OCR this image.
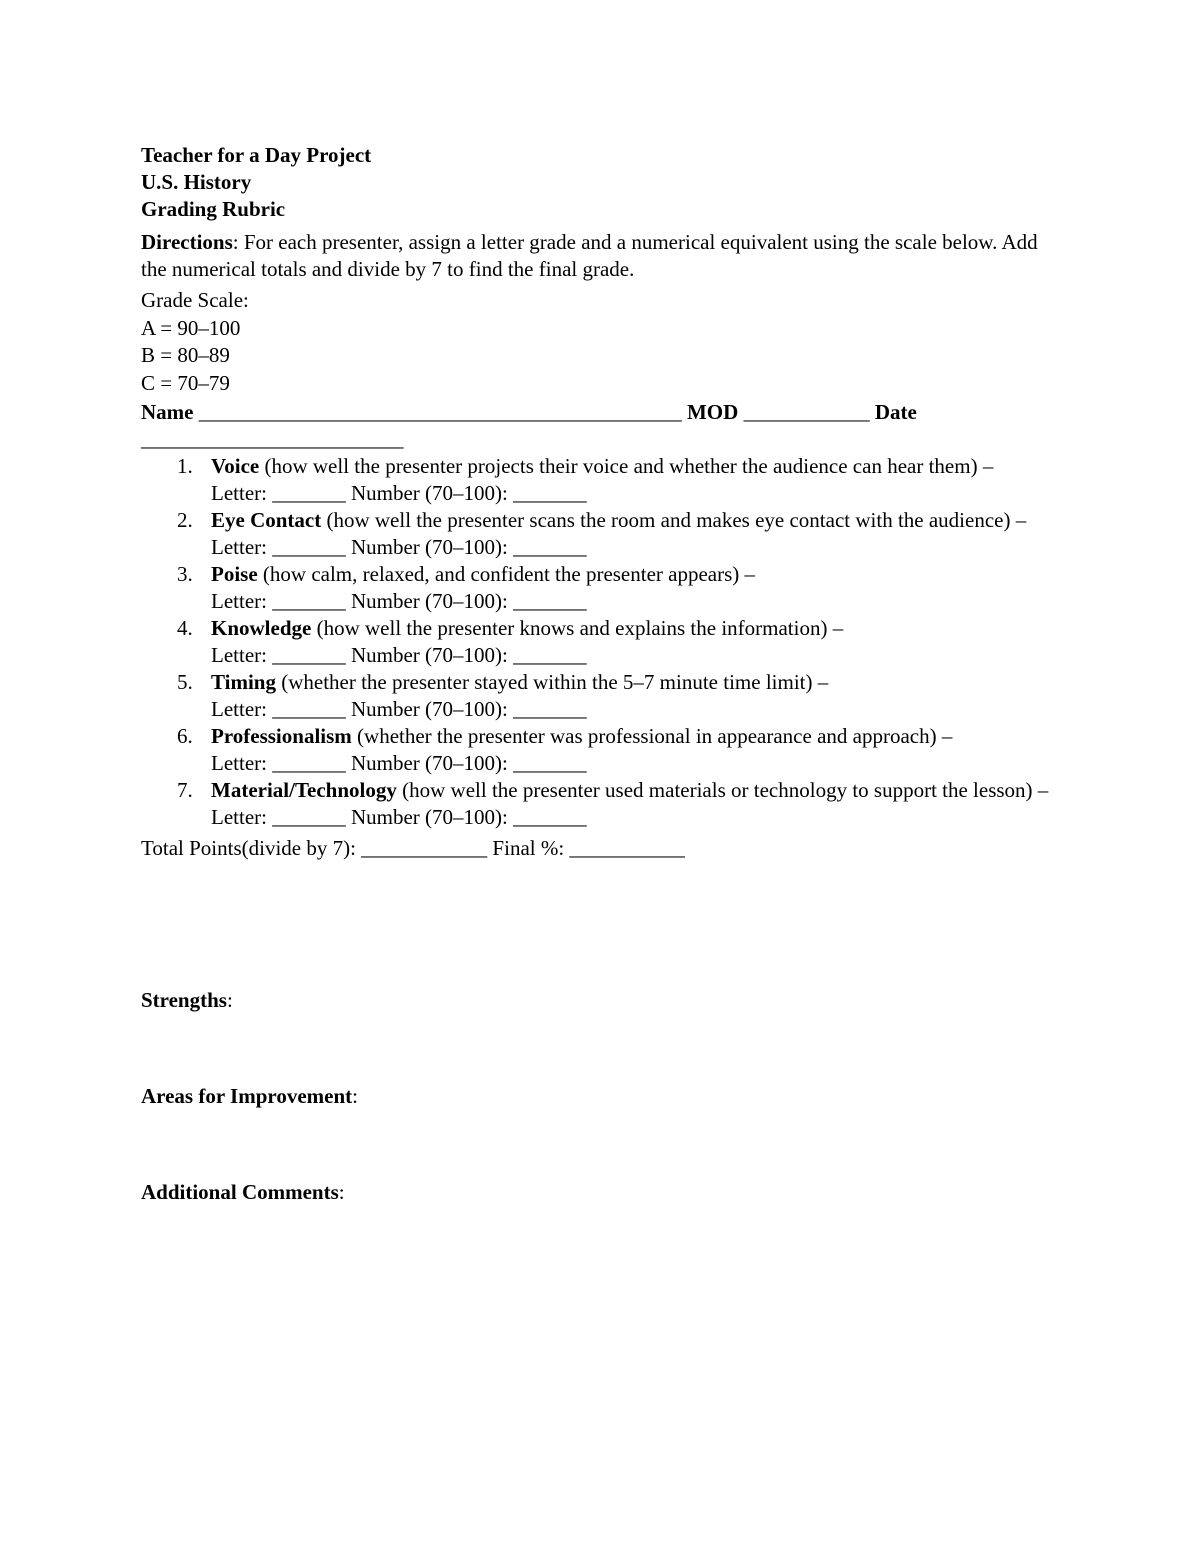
Teacher for a Day Project
U.S. History
Grading Rubric
Directions: For each presenter, assign a letter grade and a numerical equivalent using the scale below. Add the numerical totals and divide by 7 to find the final grade.
Grade Scale:
A = 90–100
B = 80–89
C = 70–79
Name ______________________________________________ MOD ____________ Date _________________________
1. Voice (how well the presenter projects their voice and whether the audience can hear them) –
Letter: _______ Number (70–100): _______
2. Eye Contact (how well the presenter scans the room and makes eye contact with the audience) –
Letter: _______ Number (70–100): _______
3. Poise (how calm, relaxed, and confident the presenter appears) –
Letter: _______ Number (70–100): _______
4. Knowledge (how well the presenter knows and explains the information) –
Letter: _______ Number (70–100): _______
5. Timing (whether the presenter stayed within the 5–7 minute time limit) –
Letter: _______ Number (70–100): _______
6. Professionalism (whether the presenter was professional in appearance and approach) –
Letter: _______ Number (70–100): _______
7. Material/Technology (how well the presenter used materials or technology to support the lesson) –
Letter: _______ Number (70–100): _______
Total Points(divide by 7): ____________ Final %: ___________
Strengths:
Areas for Improvement:
Additional Comments:
